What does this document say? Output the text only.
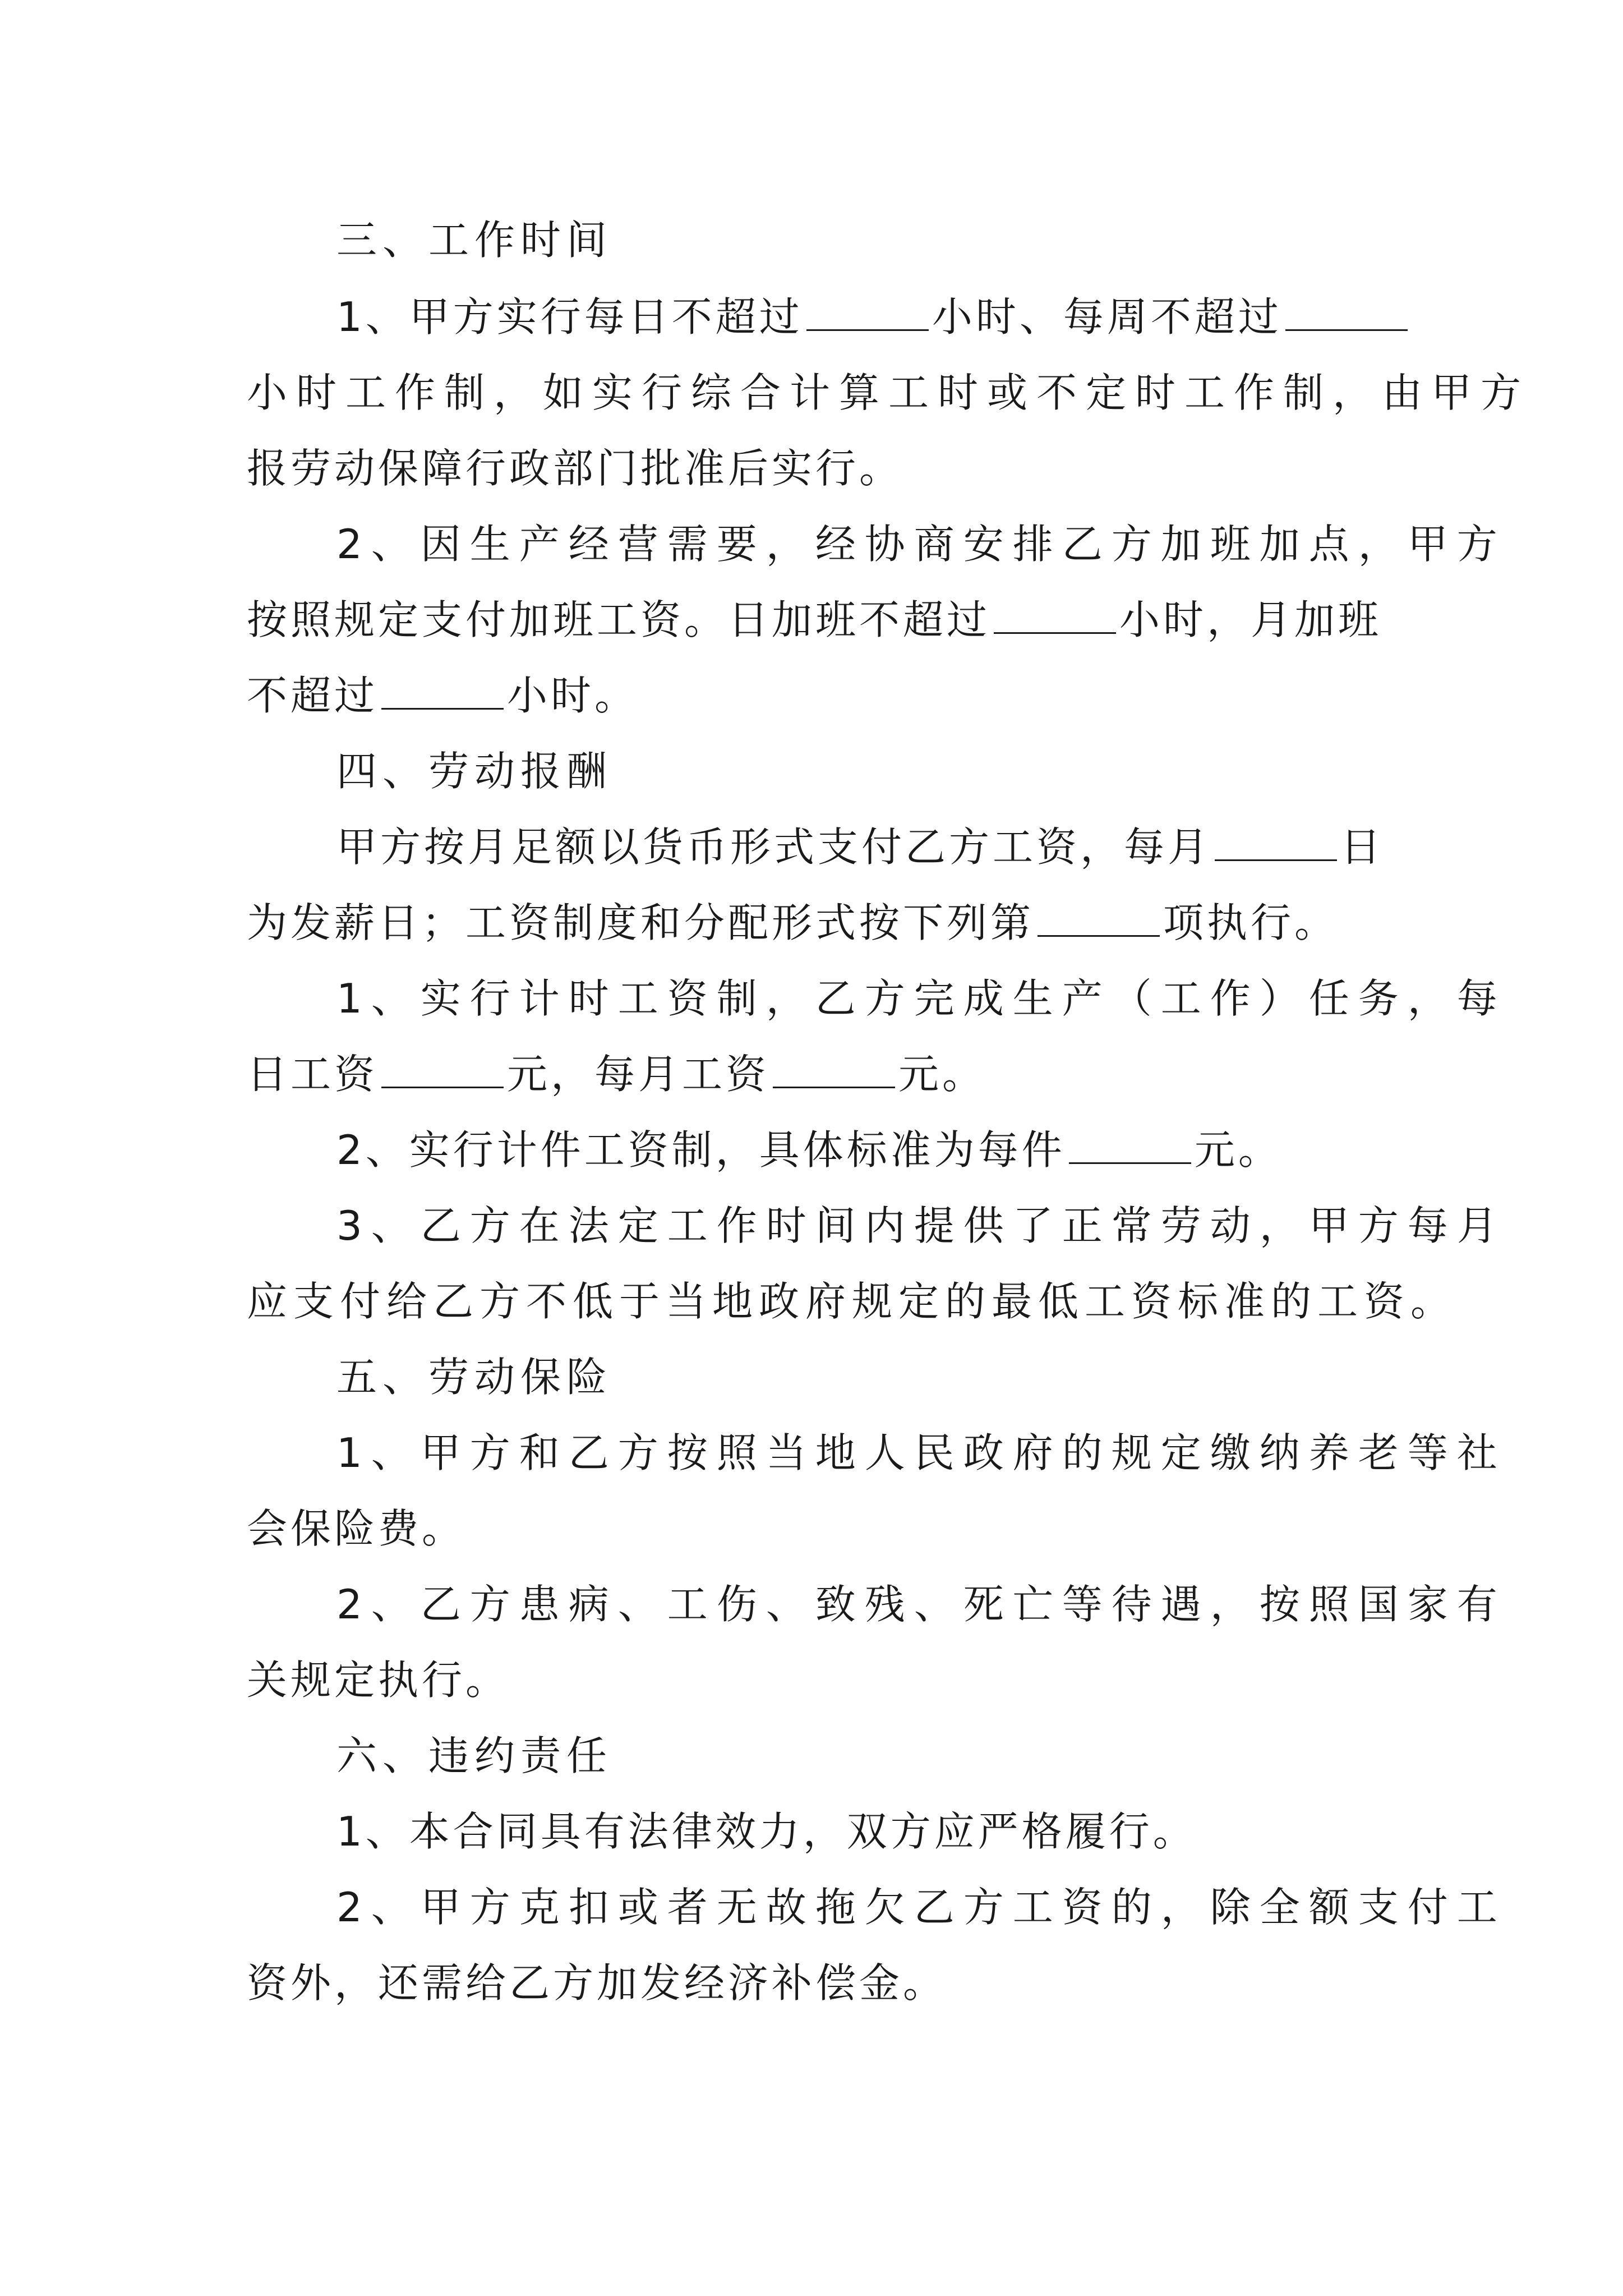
三、工作时间
1、甲方实行每日不超过	小时、每周不超过
小时工作制，如实行综合计算工时或不定时工作制，由甲方
报劳动保障行政部门批准后实行。
2、因生产经营需要，经协商安排乙方加班加点，甲方
按照规定支付加班工资。日加班不超过	小时，月加班
不超过	小时。
四、劳动报酬
甲方按月足额以货币形式支付乙方工资，每月	日
为发薪日；工资制度和分配形式按下列第	项执行。
1、实行计时工资制，乙方完成生产（工作）任务，每
日工资	元，每月工资	元。
2、实行计件工资制，具体标准为每件	元。
3、乙方在法定工作时间内提供了正常劳动，甲方每月
应支付给乙方不低于当地政府规定的最低工资标准的工资。
五、劳动保险
1、甲方和乙方按照当地人民政府的规定缴纳养老等社
会保险费。
2、乙方患病、工伤、致残、死亡等待遇，按照国家有
关规定执行。
六、违约责任
1、本合同具有法律效力，双方应严格履行。
2、甲方克扣或者无故拖欠乙方工资的，除全额支付工
资外，还需给乙方加发经济补偿金。
